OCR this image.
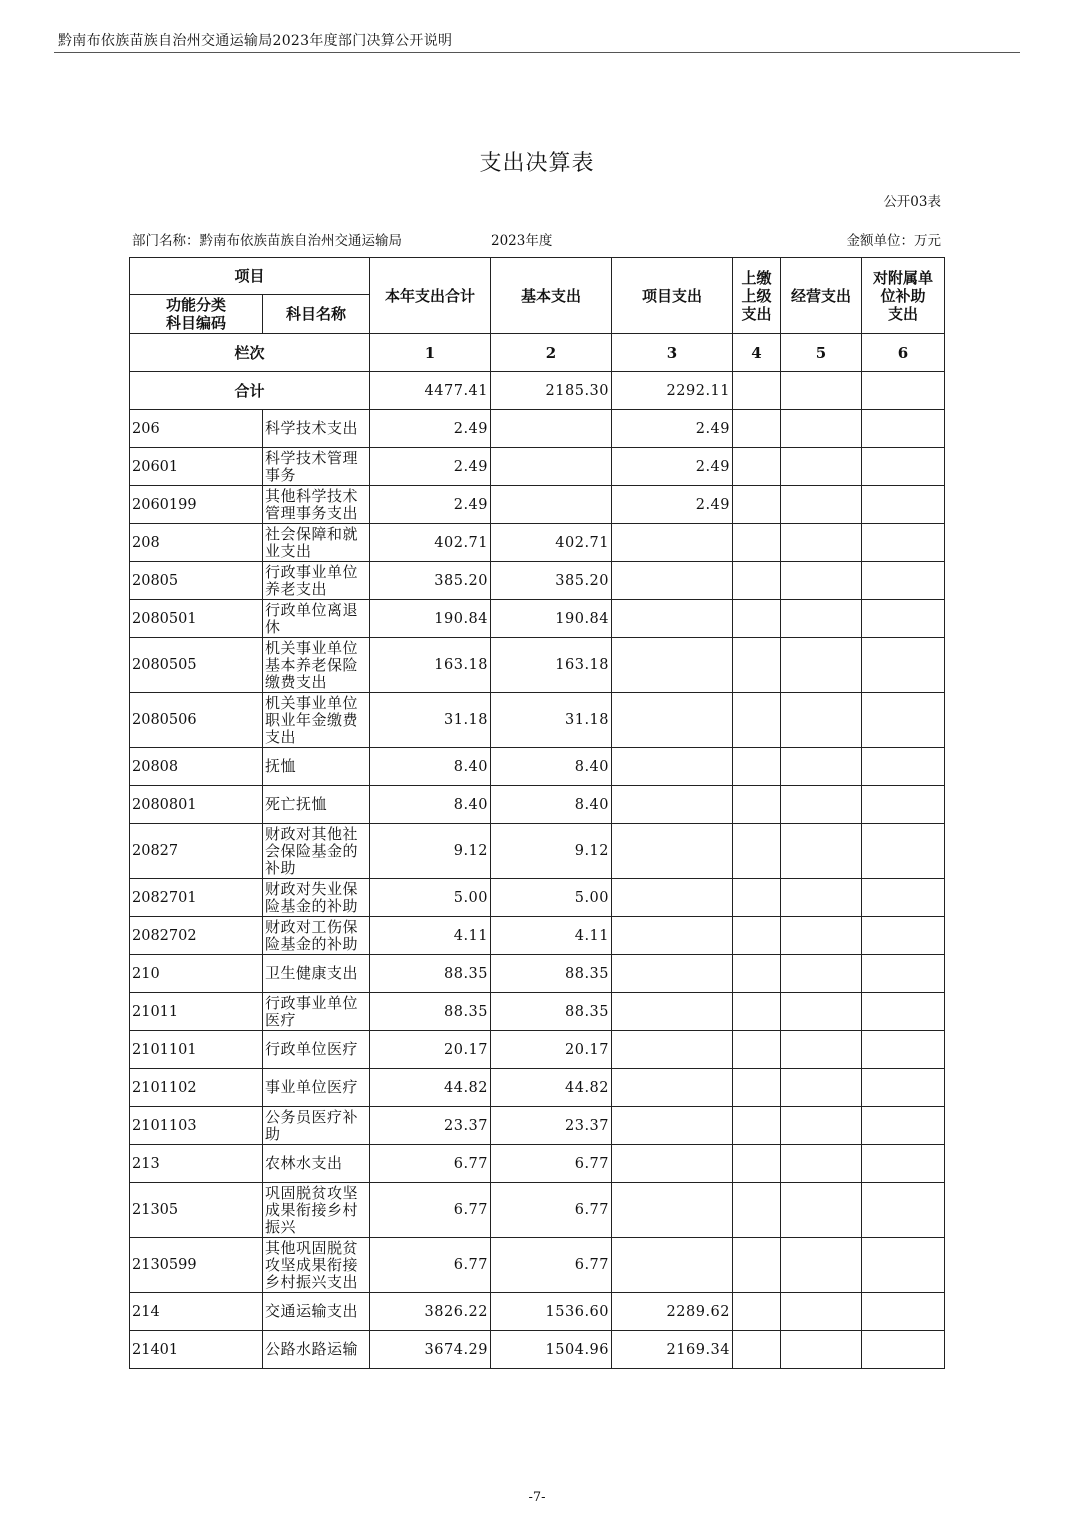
黔南布依族苗族自治州交通运输局2023年度部门决算公开说明
支出决算表
公开03表
部门名称：黔南布依族苗族自治州交通运输局	2023年度	金额单位：万元
项目		本年支出合计	基本支出	项目支出	上缴
上级
支出	经营支出	对附属单
位补助
支出
功能分类
科目编码	科目名称						
栏次		1	2	3	4	5	6
合计		4477.41	2185.30	2292.11			
206	科学技术支出	2.49		2.49			
20601	科学技术管理事务	2.49		2.49			
2060199	其他科学技术管理事务支出	2.49		2.49			
208	社会保障和就业支出	402.71	402.71				
20805	行政事业单位养老支出	385.20	385.20				
2080501	行政单位离退休	190.84	190.84				
2080505	机关事业单位基本养老保险缴费支出	163.18	163.18				
2080506	机关事业单位职业年金缴费支出	31.18	31.18				
20808	抚恤	8.40	8.40				
2080801	死亡抚恤	8.40	8.40				
20827	财政对其他社会保险基金的补助	9.12	9.12				
2082701	财政对失业保险基金的补助	5.00	5.00				
2082702	财政对工伤保险基金的补助	4.11	4.11				
210	卫生健康支出	88.35	88.35				
21011	行政事业单位医疗	88.35	88.35				
2101101	行政单位医疗	20.17	20.17				
2101102	事业单位医疗	44.82	44.82				
2101103	公务员医疗补助	23.37	23.37				
213	农林水支出	6.77	6.77				
21305	巩固脱贫攻坚成果衔接乡村振兴	6.77	6.77				
2130599	其他巩固脱贫攻坚成果衔接乡村振兴支出	6.77	6.77				
214	交通运输支出	3826.22	1536.60	2289.62			
21401	公路水路运输	3674.29	1504.96	2169.34			
-7-
